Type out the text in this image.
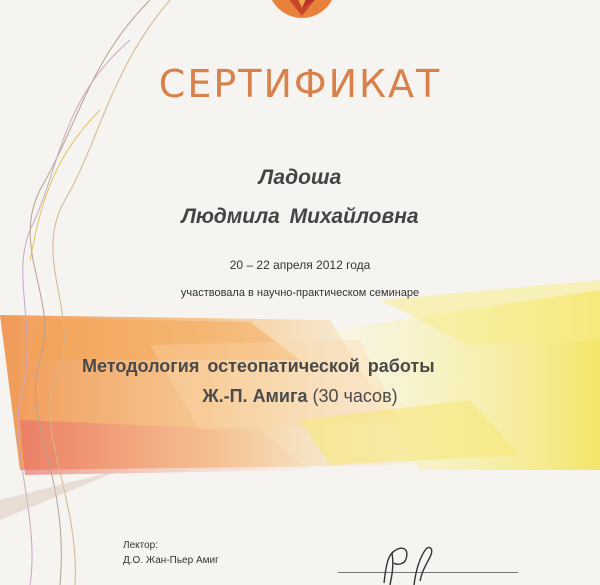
СЕРТИФИКАТ
Ладоша
Людмила Михайловна
20 – 22 апреля 2012 года
участвовала в научно-практическом семинаре
Методология остеопатической работы
Ж.-П. Амига (30 часов)
Лектор:
Д.О. Жан-Пьер Амиг
